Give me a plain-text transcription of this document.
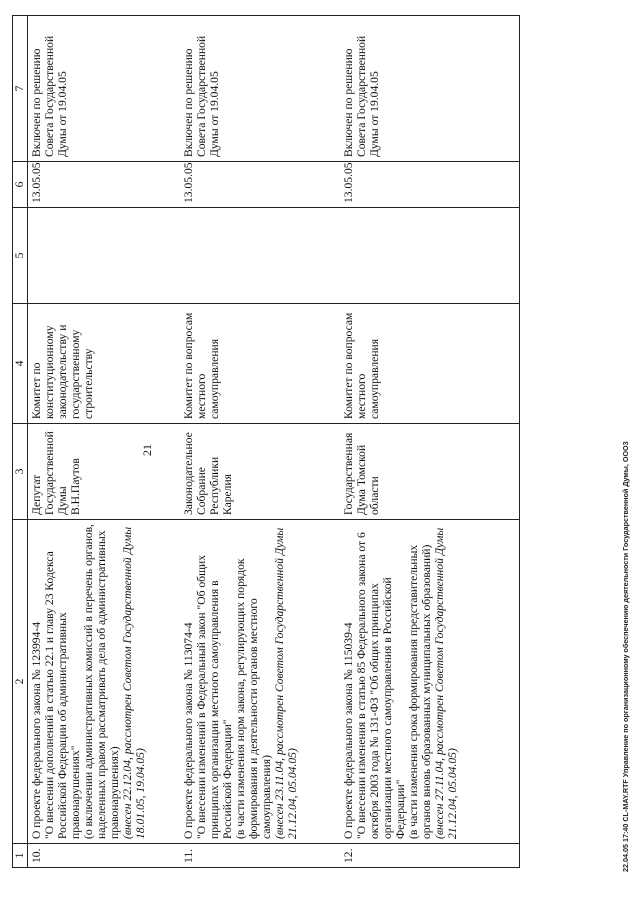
21
1	2	3	4	5	6	7
10.	О проекте федерального закона № 123994-4 "О внесении дополнений в статью 22.1 и главу 23 Кодекса Российской Федерации об административных правонарушениях" (о включении административных комиссий в перечень органов, наделенных правом рассматривать дела об административных правонарушениях) (внесен 22.12.04, рассмотрен Советом Государственной Думы 18.01.05, 19.04.05)	Депутат Государственной Думы В.Н.Паутов	Комитет по конституционному законодательству и государственному строительству		13.05.05	Включен по решению Совета Государственной Думы от 19.04.05
11.	О проекте федерального закона № 113074-4 "О внесении изменений в Федеральный закон "Об общих принципах организации местного самоуправления в Российской Федерации" (в части изменения норм закона, регулирующих порядок формирования и деятельности органов местного самоуправления) (внесен 23.11.04, рассмотрен Советом Государственной Думы 21.12.04, 05.04.05)	Законодательное Собрание Республики Карелия	Комитет по вопросам местного самоуправления		13.05.05	Включен по решению Совета Государственной Думы от 19.04.05
12.	О проекте федерального закона № 115039-4 "О внесении изменения в статью 85 Федерального закона от 6 октября 2003 года № 131-ФЗ "Об общих принципах организации местного самоуправления в Российской Федерации" (в части изменения срока формирования представительных органов вновь образованных муниципальных образований) (внесен 27.11.04, рассмотрен Советом Государственной Думы 21.12.04, 05.04.05)	Государственная Дума Томской области	Комитет по вопросам местного самоуправления		13.05.05	Включен по решению Совета Государственной Думы от 19.04.05
22.04.05 17:40 CL-MAY.RTF Управление по организационному обеспечению деятельности Государственной Думы, ООО3
